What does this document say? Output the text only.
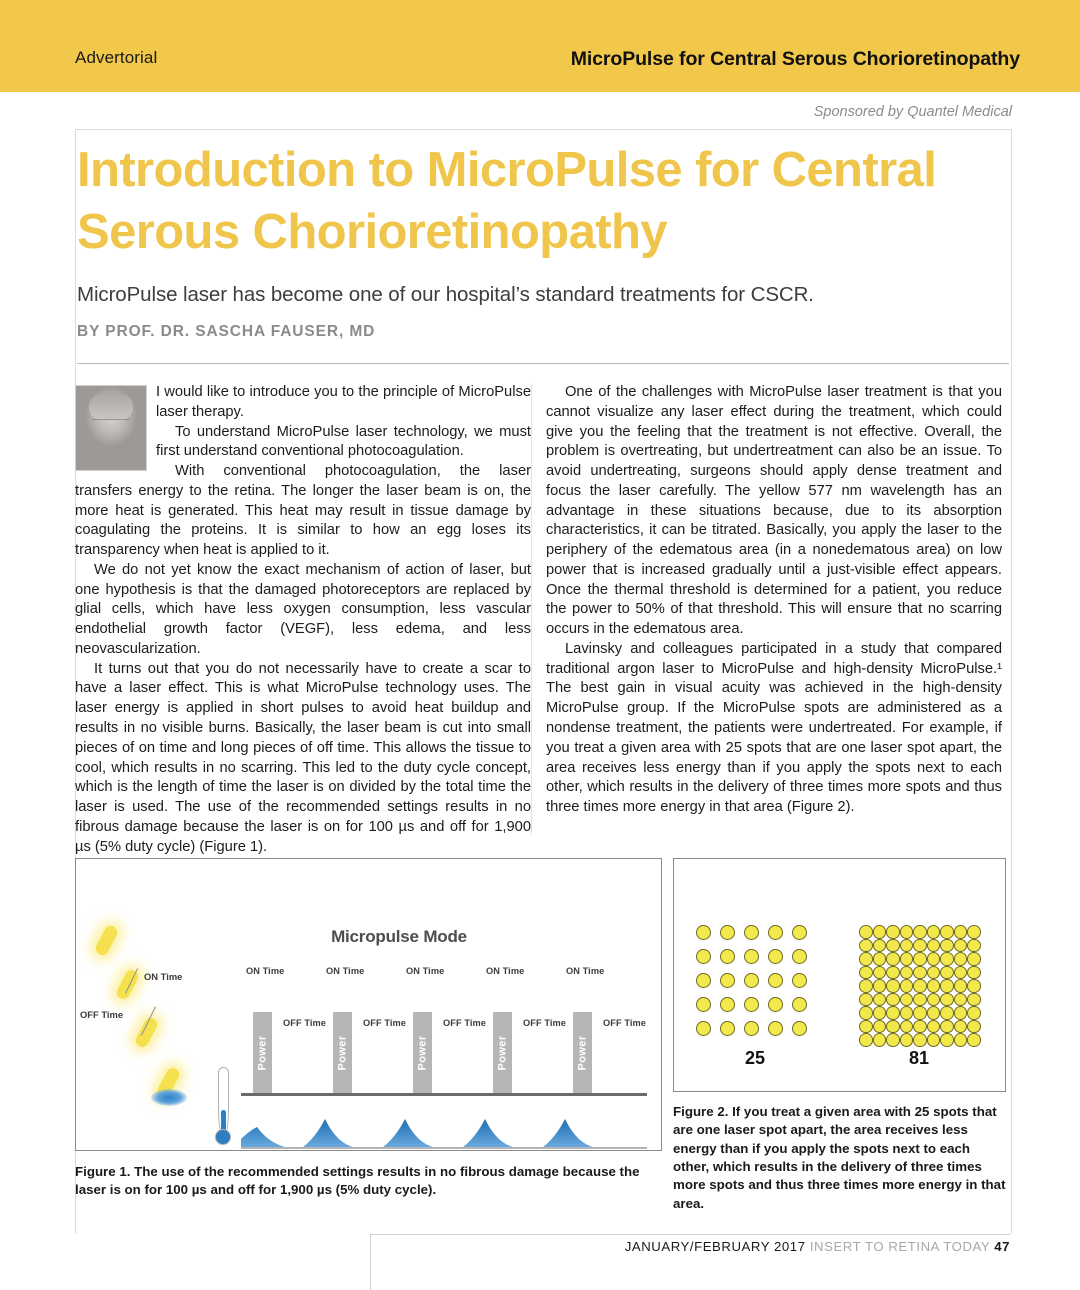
Advertorial	MicroPulse for Central Serous Chorioretinopathy
Sponsored by Quantel Medical
Introduction to MicroPulse for Central Serous Chorioretinopathy
MicroPulse laser has become one of our hospital’s standard treatments for CSCR.
BY PROF. DR. SASCHA FAUSER, MD

I would like to introduce you to the principle of MicroPulse laser therapy.

To understand MicroPulse laser technology, we must first understand conventional photocoagulation.

With conventional photocoagulation, the laser transfers energy to the retina. The longer the laser beam is on, the more heat is generated. This heat may result in tissue damage by coagulating the proteins. It is similar to how an egg loses its transparency when heat is applied to it.

We do not yet know the exact mechanism of action of laser, but one hypothesis is that the damaged photoreceptors are replaced by glial cells, which have less oxygen consumption, less vascular endothelial growth factor (VEGF), less edema, and less neovascularization.

It turns out that you do not necessarily have to create a scar to have a laser effect. This is what MicroPulse technology uses. The laser energy is applied in short pulses to avoid heat buildup and results in no visible burns. Basically, the laser beam is cut into small pieces of on time and long pieces of off time. This allows the tissue to cool, which results in no scarring. This led to the duty cycle concept, which is the length of time the laser is on divided by the total time the laser is used. The use of the recommended settings results in no fibrous damage because the laser is on for 100 µs and off for 1,900 µs (5% duty cycle) (Figure 1).

One of the challenges with MicroPulse laser treatment is that you cannot visualize any laser effect during the treatment, which could give you the feeling that the treatment is not effective. Overall, the problem is overtreating, but undertreatment can also be an issue. To avoid undertreating, surgeons should apply dense treatment and focus the laser carefully. The yellow 577 nm wavelength has an advantage in these situations because, due to its absorption characteristics, it can be titrated. Basically, you apply the laser to the periphery of the edematous area (in a nonedematous area) on low power that is increased gradually until a just-visible effect appears. Once the thermal threshold is determined for a patient, you reduce the power to 50% of that threshold. This will ensure that no scarring occurs in the edematous area.

Lavinsky and colleagues participated in a study that compared traditional argon laser to MicroPulse and high-density MicroPulse.¹ The best gain in visual acuity was achieved in the high-density MicroPulse group. If the MicroPulse spots are administered as a nondense treatment, the patients were undertreated. For example, if you treat a given area with 25 spots that are one laser spot apart, the area receives less energy than if you apply the spots next to each other, which results in the delivery of three times more spots and thus three times more energy in that area (Figure 2).

Micropulse Mode
ON Time
OFF Time
ON Time
Power
OFF Time
ON Time
Power
OFF Time
ON Time
Power
OFF Time
ON Time
Power
OFF Time
ON Time
Power
OFF Time
Figure 1. The use of the recommended settings results in no fibrous damage because the laser is on for 100 µs and off for 1,900 µs (5% duty cycle).
25	81
Figure 2. If you treat a given area with 25 spots that are one laser spot apart, the area receives less energy than if you apply the spots next to each other, which results in the delivery of three times more spots and thus three times more energy in that area.
JANUARY/FEBRUARY 2017 INSERT TO RETINA TODAY 47
